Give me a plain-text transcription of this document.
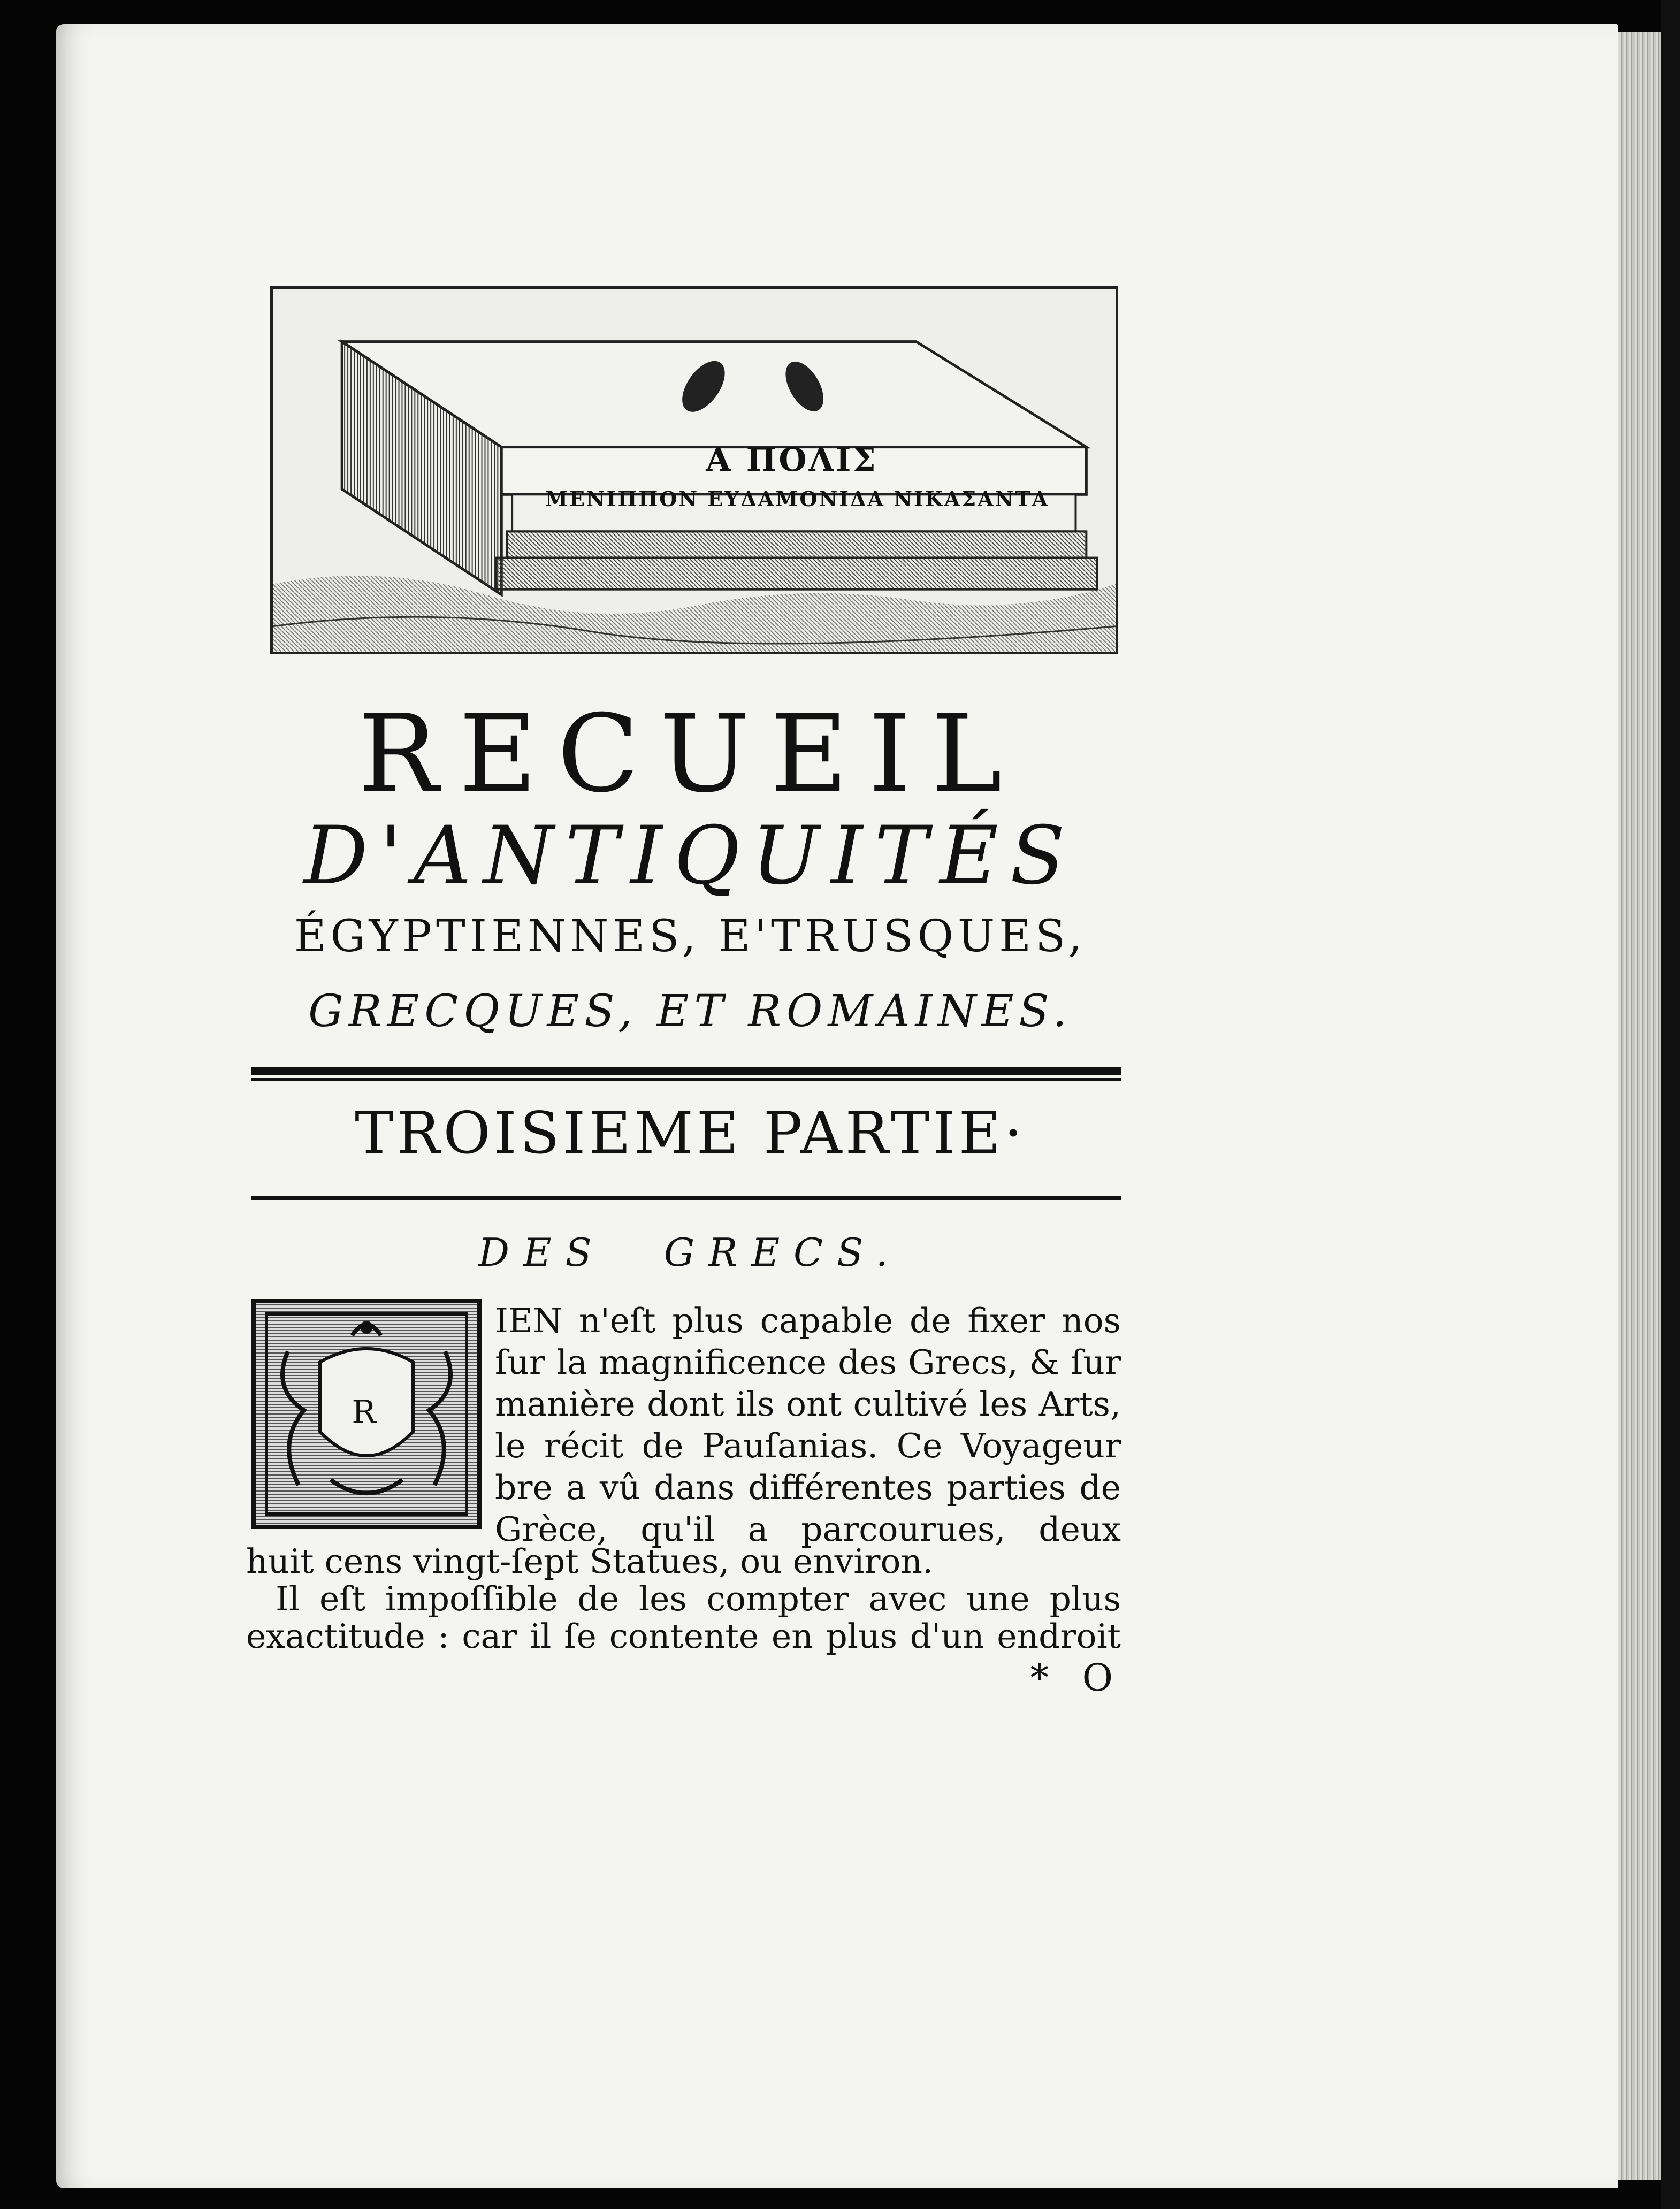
Α ΠΟΛΙΣ
ΜΕΝΙΠΠΟΝ ΕΥΔΑΜΟΝΙΔΑ ΝΙΚΑΣΑΝΤΑ
RECUEIL
D'ANTIQUITÉS
ÉGYPTIENNES, E'TRUSQUES,
GRECQUES, ET ROMAINES.
TROISIEME PARTIE·
DES GRECS.
R
IEN n'eſt plus capable de fixer nos
ſur la magnificence des Grecs, & ſur
manière dont ils ont cultivé les Arts,
le récit de Pauſanias. Ce Voyageur
bre a vû dans différentes parties de
Grèce, qu'il a parcourues, deux
huit cens vingt-ſept Statues, ou environ.
Il eſt impoſſible de les compter avec une plus
exactitude : car il ſe contente en plus d'un endroit
* O
